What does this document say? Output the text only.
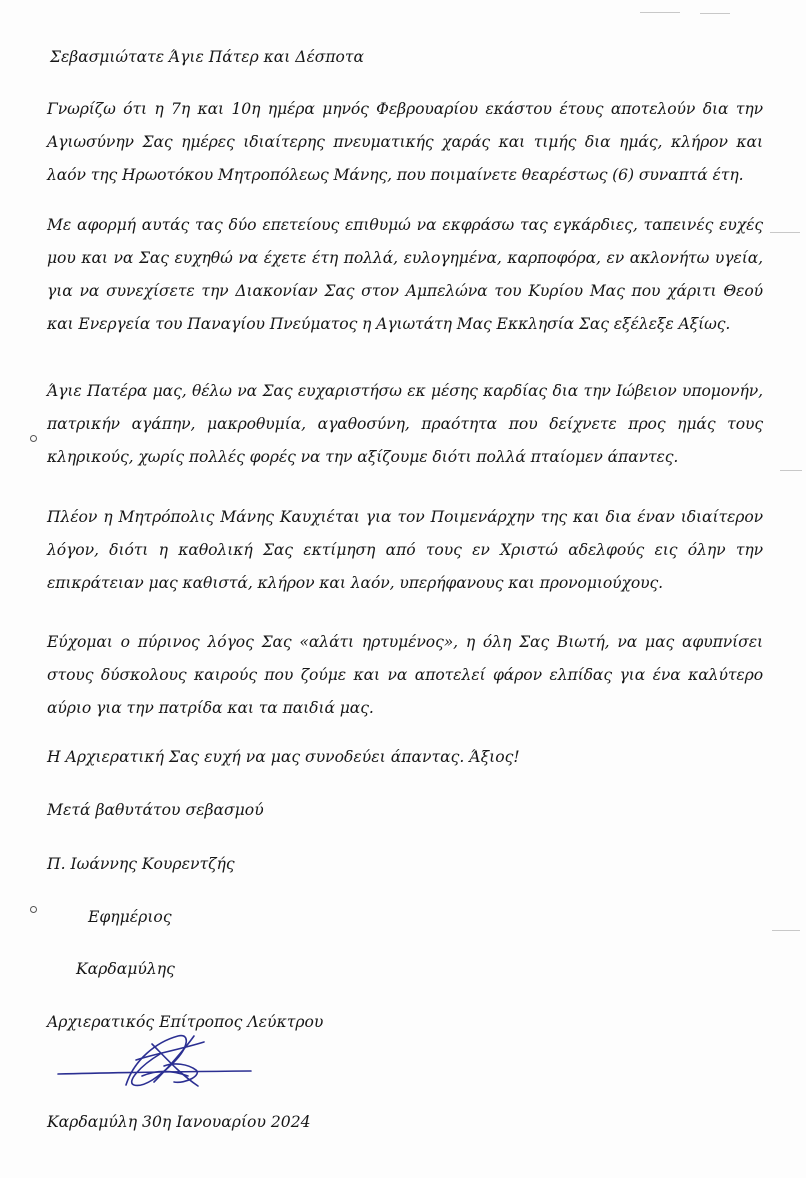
Σεβασμιώτατε Άγιε Πάτερ και Δέσποτα

Γνωρίζω ότι η 7η και 10η ημέρα μηνός Φεβρουαρίου εκάστου έτους αποτελούν δια την Αγιωσύνην Σας ημέρες ιδιαίτερης πνευματικής χαράς και τιμής δια ημάς, κλήρον και λαόν της Ηρωοτόκου Μητροπόλεως Μάνης, που ποιμαίνετε θεαρέστως (6) συναπτά έτη.

Με αφορμή αυτάς τας δύο επετείους επιθυμώ να εκφράσω τας εγκάρδιες, ταπεινές ευχές μου και να Σας ευχηθώ να έχετε έτη πολλά, ευλογημένα, καρποφόρα, εν ακλονήτω υγεία, για να συνεχίσετε την Διακονίαν Σας στον Αμπελώνα του Κυρίου Μας που χάριτι Θεού και Ενεργεία του Παναγίου Πνεύματος η Αγιωτάτη Μας Εκκλησία Σας εξέλεξε Αξίως.

Άγιε Πατέρα μας, θέλω να Σας ευχαριστήσω εκ μέσης καρδίας δια την Ιώβειον υπομονήν, πατρικήν αγάπην, μακροθυμία, αγαθοσύνη, πραότητα που δείχνετε προς ημάς τους κληρικούς, χωρίς πολλές φορές να την αξίζουμε διότι πολλά πταίομεν άπαντες.

Πλέον η Μητρόπολις Μάνης Καυχιέται για τον Ποιμενάρχην της και δια έναν ιδιαίτερον λόγον, διότι η καθολική Σας εκτίμηση από τους εν Χριστώ αδελφούς εις όλην την επικράτειαν μας καθιστά, κλήρον και λαόν, υπερήφανους και προνομιούχους.

Εύχομαι ο πύρινος λόγος Σας «αλάτι ηρτυμένος», η όλη Σας Βιωτή, να μας αφυπνίσει στους δύσκολους καιρούς που ζούμε και να αποτελεί φάρον ελπίδας για ένα καλύτερο αύριο για την πατρίδα και τα παιδιά μας.

Η Αρχιερατική Σας ευχή να μας συνοδεύει άπαντας. Άξιος!
Μετά βαθυτάτου σεβασμού
Π. Ιωάννης Κουρεντζής
Εφημέριος
Καρδαμύλης
Αρχιερατικός Επίτροπος Λεύκτρου
Καρδαμύλη 30η Ιανουαρίου 2024
